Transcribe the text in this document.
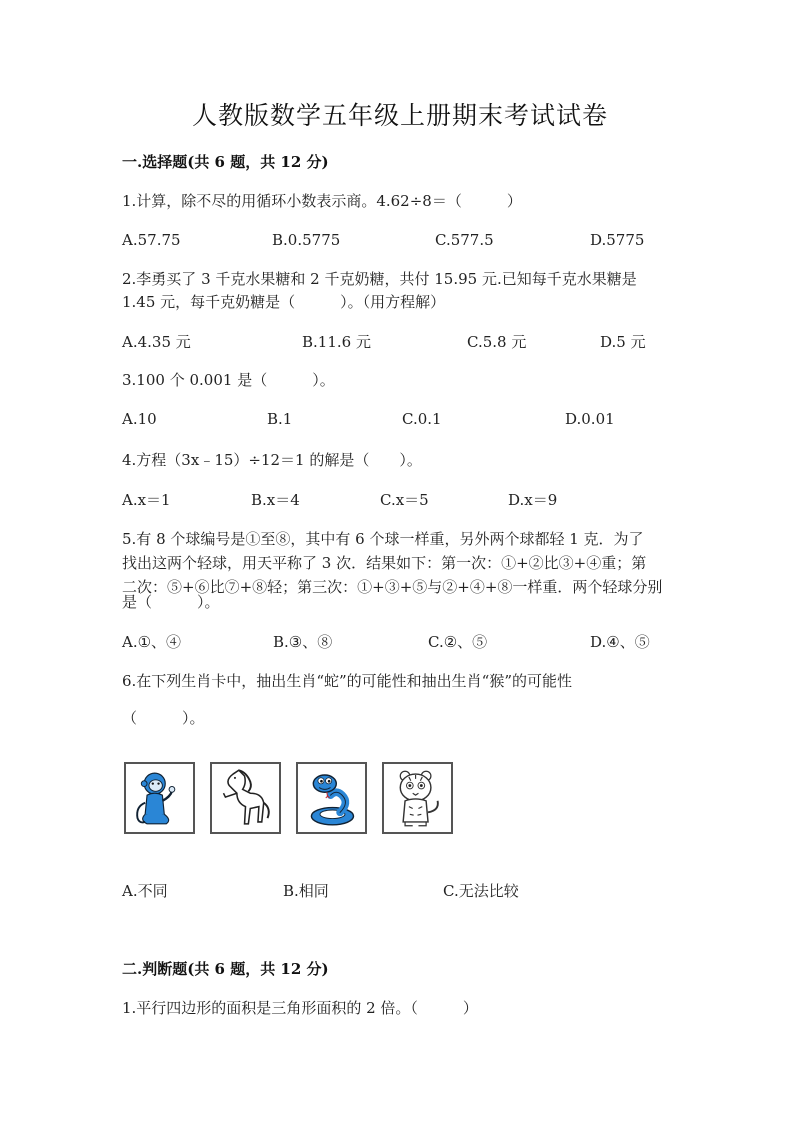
人教版数学五年级上册期末考试试卷
一.选择题(共 6 题，共 12 分)
1.计算，除不尽的用循环小数表示商。4.62÷8＝（　　　）
A.57.75	B.0.5775	C.577.5	D.5775
2.李勇买了 3 千克水果糖和 2 千克奶糖，共付 15.95 元.已知每千克水果糖是
1.45 元，每千克奶糖是（　　　）。（用方程解）
A.4.35 元	B.11.6 元	C.5.8 元	D.5 元
3.100 个 0.001 是（　　　）。
A.10	B.1	C.0.1	D.0.01
4.方程（3x﹣15）÷12＝1 的解是（　　）。
A.x＝1	B.x＝4	C.x＝5	D.x＝9
5.有 8 个球编号是①至⑧，其中有 6 个球一样重，另外两个球都轻 1 克．为了
找出这两个轻球，用天平称了 3 次．结果如下：第一次：①+②比③+④重；第
二次：⑤+⑥比⑦+⑧轻；第三次：①+③+⑤与②+④+⑧一样重．两个轻球分别
是（　　　）。
A.①、④	B.③、⑧	C.②、⑤	D.④、⑤
6.在下列生肖卡中，抽出生肖“蛇”的可能性和抽出生肖“猴”的可能性
（　　　）。
A.不同	B.相同	C.无法比较
二.判断题(共 6 题，共 12 分)
1.平行四边形的面积是三角形面积的 2 倍。（　　　）
